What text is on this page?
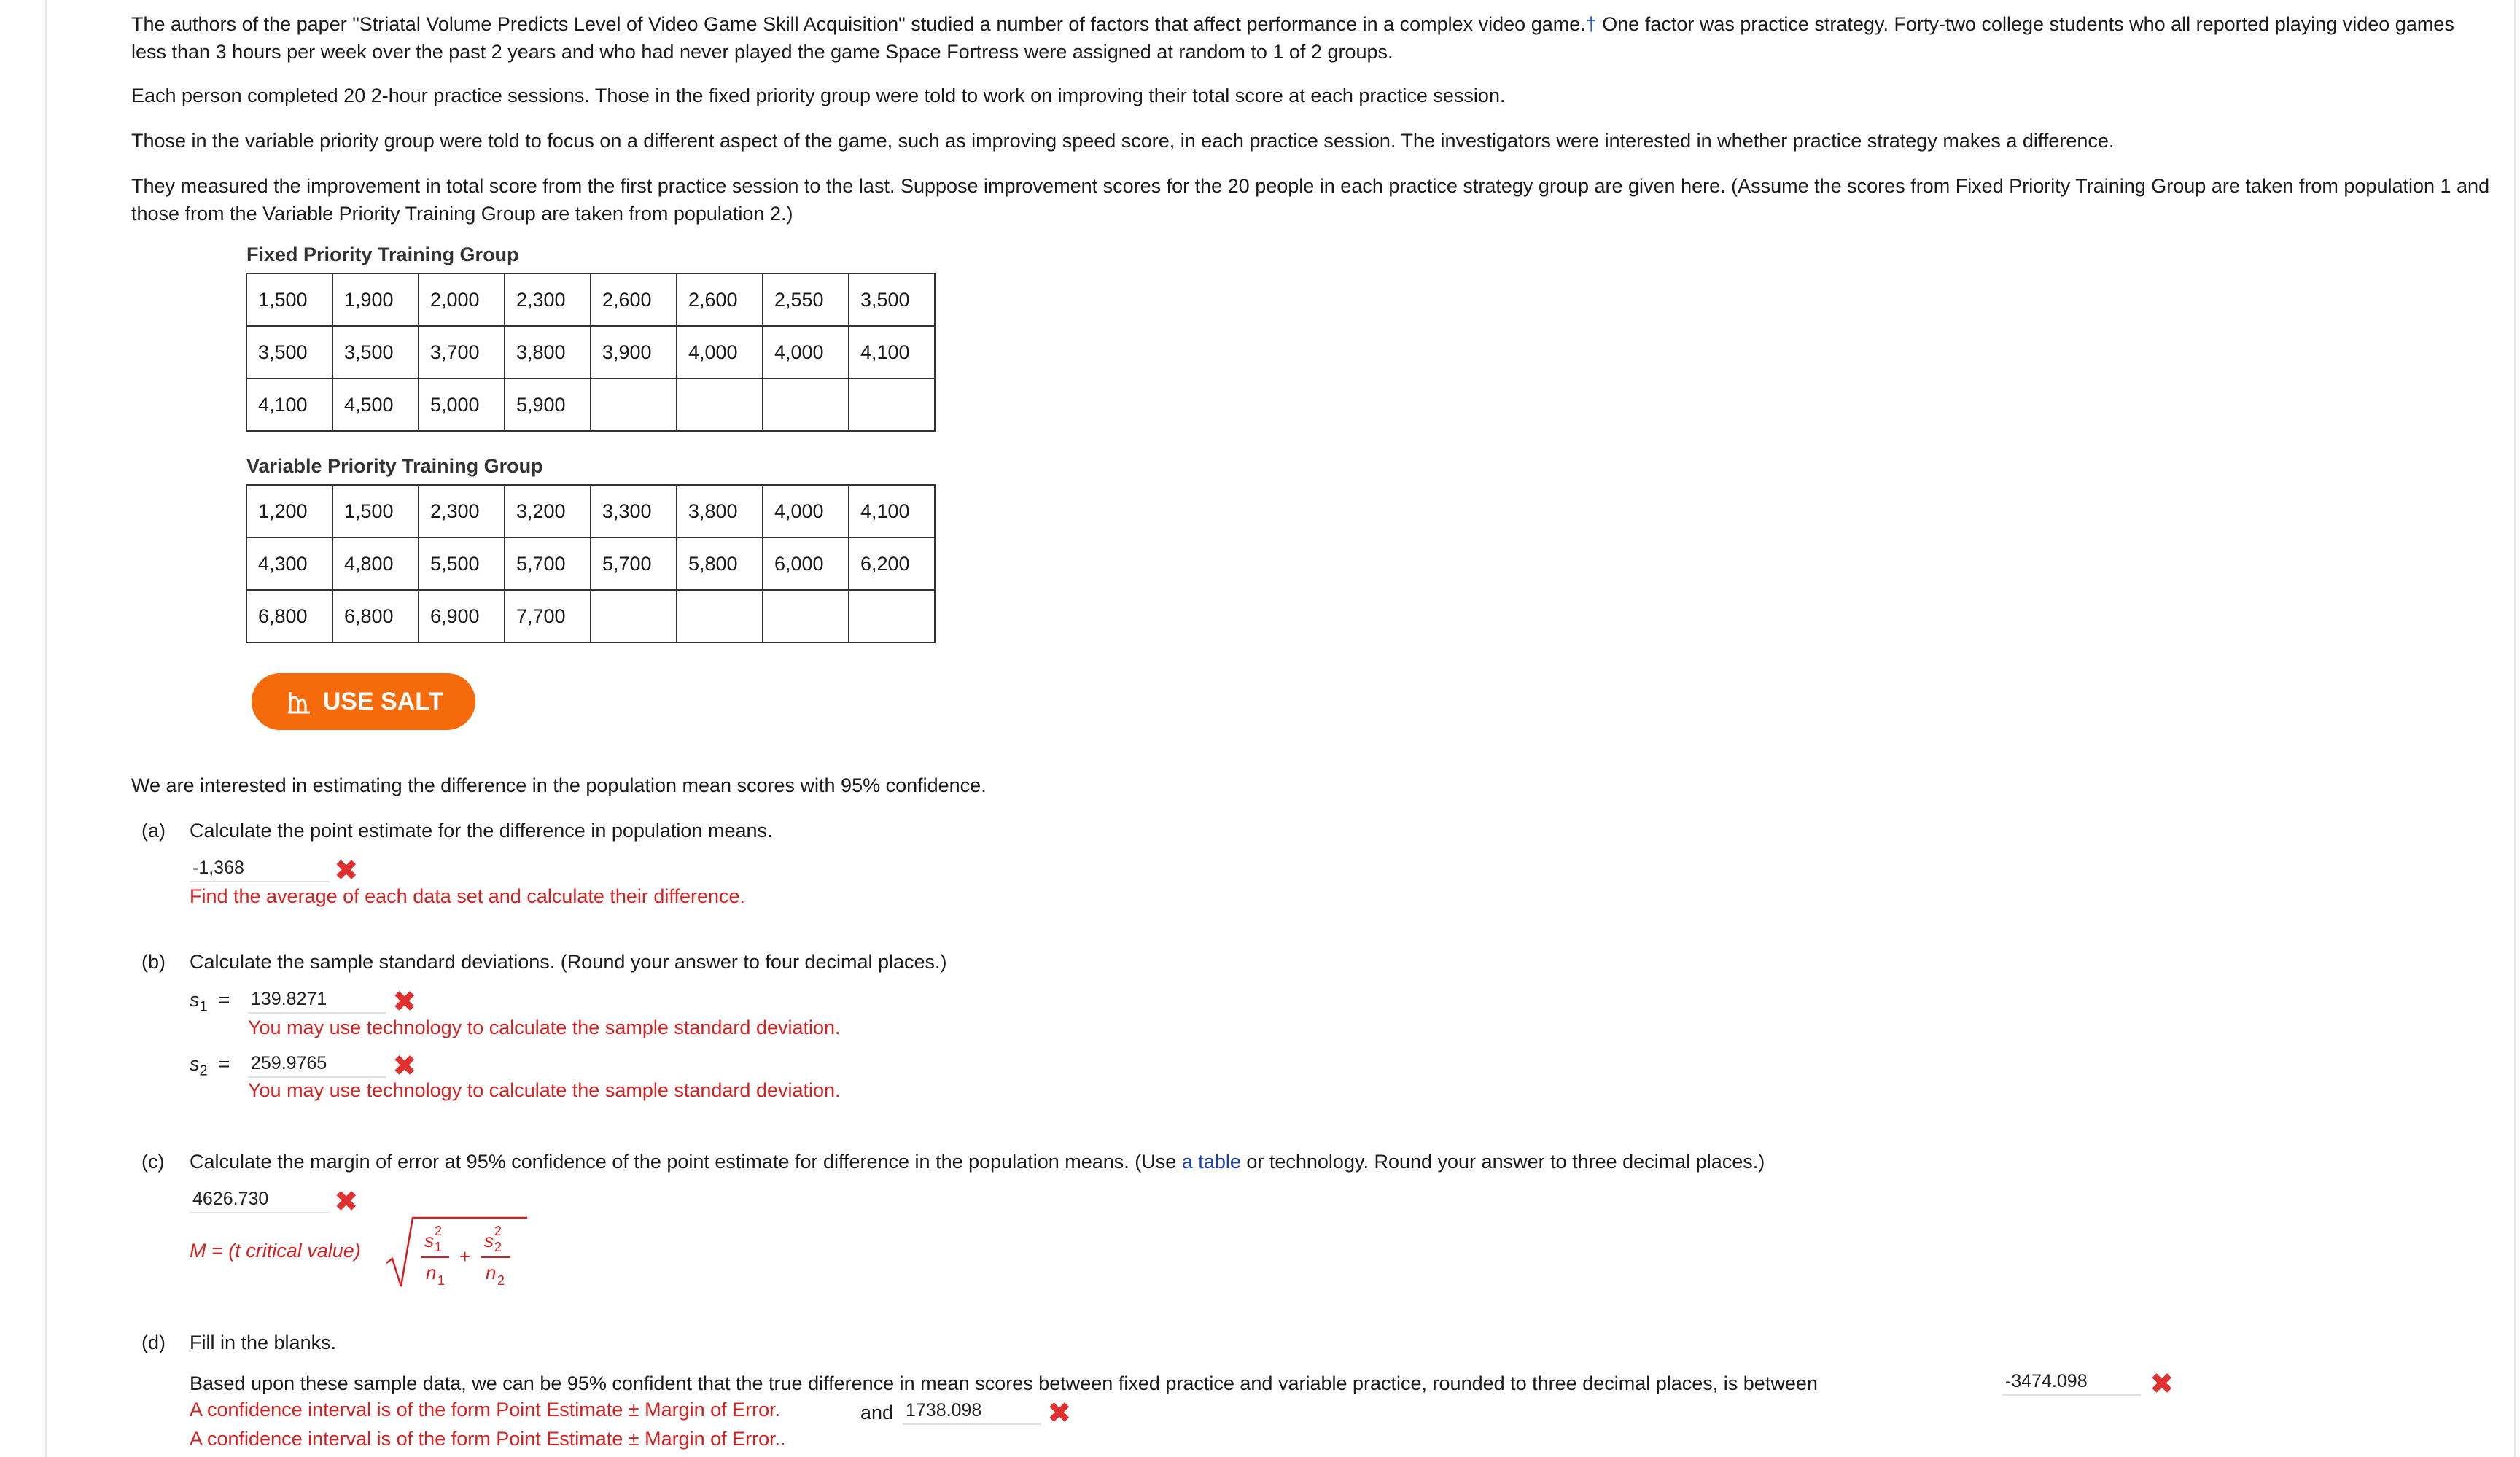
The authors of the paper "Striatal Volume Predicts Level of Video Game Skill Acquisition" studied a number of factors that affect performance in a complex video game.† One factor was practice strategy. Forty-two college students who all reported playing video games less than 3 hours per week over the past 2 years and who had never played the game Space Fortress were assigned at random to 1 of 2 groups.

Each person completed 20 2-hour practice sessions. Those in the fixed priority group were told to work on improving their total score at each practice session.

Those in the variable priority group were told to focus on a different aspect of the game, such as improving speed score, in each practice session. The investigators were interested in whether practice strategy makes a difference.

They measured the improvement in total score from the first practice session to the last. Suppose improvement scores for the 20 people in each practice strategy group are given here. (Assume the scores from Fixed Priority Training Group are taken from population 1 and those from the Variable Priority Training Group are taken from population 2.)

Fixed Priority Training Group
1,500	1,900	2,000	2,300	2,600	2,600	2,550	3,500
3,500	3,500	3,700	3,800	3,900	4,000	4,000	4,100
4,100	4,500	5,000	5,900				
Variable Priority Training Group
1,200	1,500	2,300	3,200	3,300	3,800	4,000	4,100
4,300	4,800	5,500	5,700	5,700	5,800	6,000	6,200
6,800	6,800	6,900	7,700				
USE SALT

We are interested in estimating the difference in the population mean scores with 95% confidence.

(a) Calculate the point estimate for the difference in population means.
-1,368
✖
Find the average of each data set and calculate their difference.
(b) Calculate the sample standard deviations. (Round your answer to four decimal places.)
$s_1$  =
139.8271	✖
You may use technology to calculate the sample standard deviation.
$s_2$  =
259.9765	✖
You may use technology to calculate the sample standard deviation.
(c) Calculate the margin of error at 95% confidence of the point estimate for difference in the population means. (Use a table or technology. Round your answer to three decimal places.)
4626.730
✖
M = (t critical value)	s 1
2
n 1
+
s 2
2
n 2
(d) Fill in the blanks.
Based upon these sample data, we can be 95% confident that the true difference in mean scores between fixed practice and variable practice, rounded to three decimal places, is between
-3474.098	✖
A confidence interval is of the form Point Estimate ± Margin of Error.	and
1738.098	✖
A confidence interval is of the form Point Estimate ± Margin of Error..
